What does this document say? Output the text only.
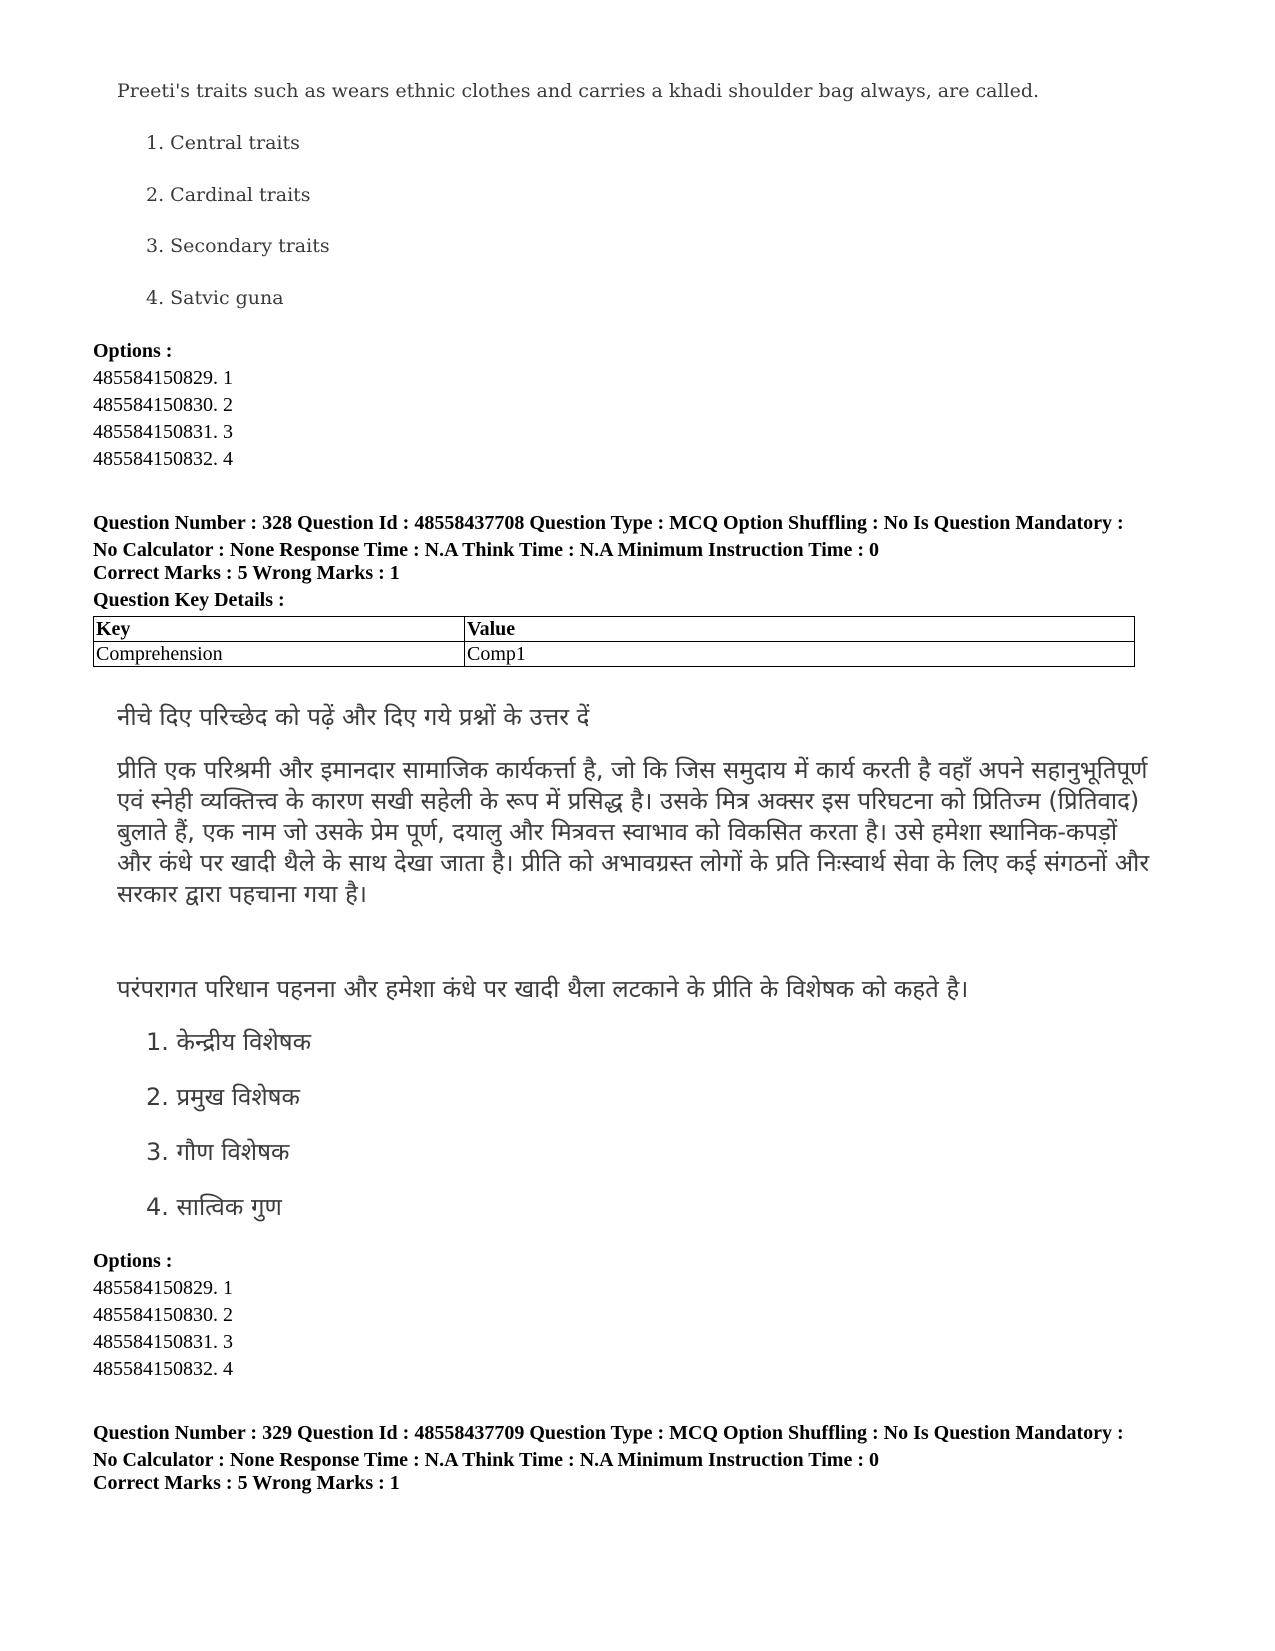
Preeti's traits such as wears ethnic clothes and carries a khadi shoulder bag always, are called.
1. Central traits
2. Cardinal traits
3. Secondary traits
4. Satvic guna
Options :
485584150829. 1
485584150830. 2
485584150831. 3
485584150832. 4
Question Number : 328 Question Id : 48558437708 Question Type : MCQ Option Shuffling : No Is Question Mandatory :
No Calculator : None Response Time : N.A Think Time : N.A Minimum Instruction Time : 0
Correct Marks : 5 Wrong Marks : 1
Question Key Details :
Key	Value
Comprehension	Comp1
नीचे दिए परिच्छेद को पढ़ें और दिए गये प्रश्नों के उत्तर दें
प्रीति एक परिश्रमी और इमानदार सामाजिक कार्यकर्त्ता है, जो कि जिस समुदाय में कार्य करती है वहाँ अपने सहानुभूतिपूर्ण
एवं स्नेही व्यक्तित्त्व के कारण सखी सहेली के रूप में प्रसिद्ध है। उसके मित्र अक्सर इस परिघटना को प्रितिज्म (प्रितिवाद)
बुलाते हैं, एक नाम जो उसके प्रेम पूर्ण, दयालु और मित्रवत्त स्वाभाव को विकसित करता है। उसे हमेशा स्थानिक-कपड़ों
और कंधे पर खादी थैले के साथ देखा जाता है। प्रीति को अभावग्रस्त लोगों के प्रति निःस्वार्थ सेवा के लिए कई संगठनों और
सरकार द्वारा पहचाना गया है।
परंपरागत परिधान पहनना और हमेशा कंधे पर खादी थैला लटकाने के प्रीति के विशेषक को कहते है।
1. केन्द्रीय विशेषक
2. प्रमुख विशेषक
3. गौण विशेषक
4. सात्विक गुण
Options :
485584150829. 1
485584150830. 2
485584150831. 3
485584150832. 4
Question Number : 329 Question Id : 48558437709 Question Type : MCQ Option Shuffling : No Is Question Mandatory :
No Calculator : None Response Time : N.A Think Time : N.A Minimum Instruction Time : 0
Correct Marks : 5 Wrong Marks : 1
